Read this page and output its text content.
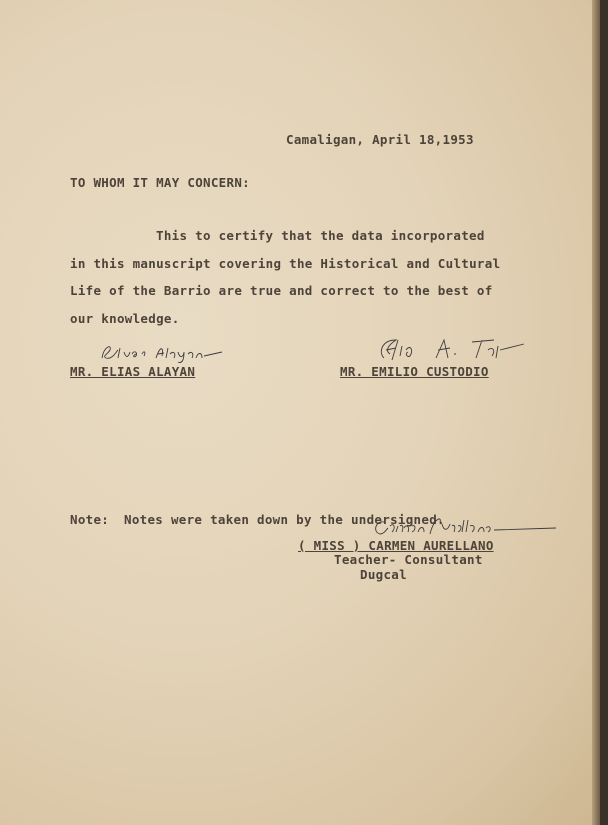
Camaligan, April 18,1953
TO WHOM IT MAY CONCERN:
This to certify that the data incorporated
in this manuscript covering the Historical and Cultural
Life of the Barrio are true and correct to the best of
our knowledge.
MR. ELIAS ALAYAN	MR. EMILIO CUSTODIO
Note: Notes were taken down by the undersigned.
( MISS ) CARMEN AURELLANO
Teacher- Consultant
Dugcal
